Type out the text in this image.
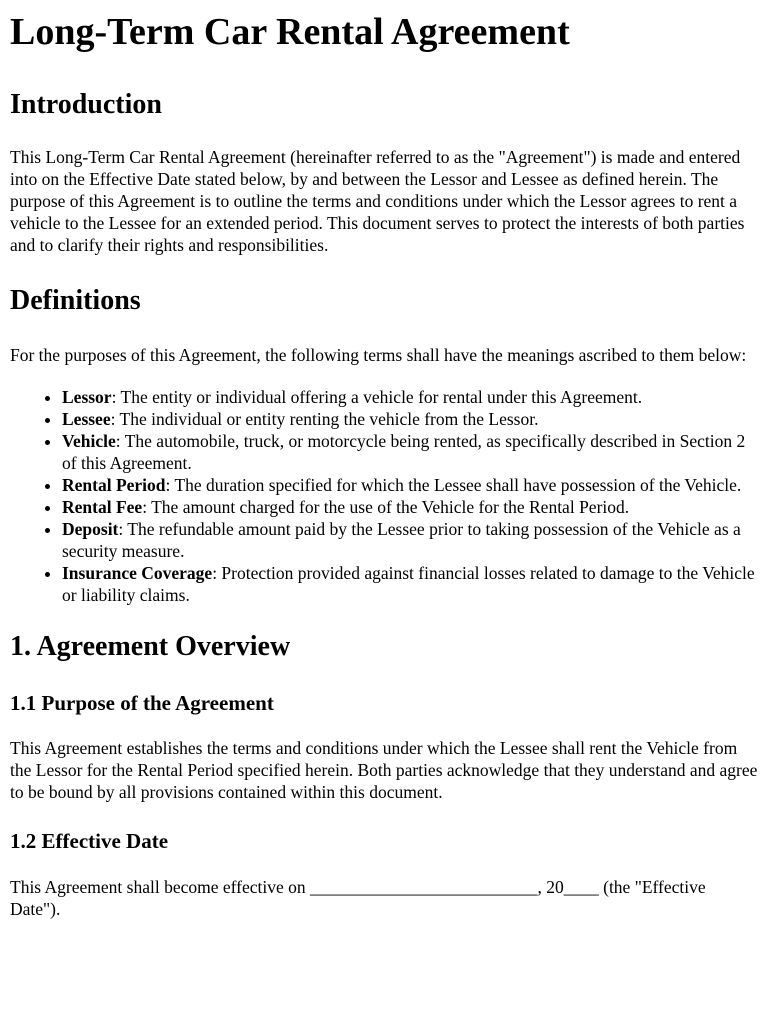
Long-Term Car Rental Agreement
Introduction

This Long-Term Car Rental Agreement (hereinafter referred to as the "Agreement") is made and entered into on the Effective Date stated below, by and between the Lessor and Lessee as defined herein. The purpose of this Agreement is to outline the terms and conditions under which the Lessor agrees to rent a vehicle to the Lessee for an extended period. This document serves to protect the interests of both parties and to clarify their rights and responsibilities.

Definitions

For the purposes of this Agreement, the following terms shall have the meanings ascribed to them below:

• Lessor: The entity or individual offering a vehicle for rental under this Agreement.
• Lessee: The individual or entity renting the vehicle from the Lessor.
• Vehicle: The automobile, truck, or motorcycle being rented, as specifically described in Section 2 of this Agreement.
• Rental Period: The duration specified for which the Lessee shall have possession of the Vehicle.
• Rental Fee: The amount charged for the use of the Vehicle for the Rental Period.
• Deposit: The refundable amount paid by the Lessee prior to taking possession of the Vehicle as a security measure.
• Insurance Coverage: Protection provided against financial losses related to damage to the Vehicle or liability claims.
1. Agreement Overview
1.1 Purpose of the Agreement

This Agreement establishes the terms and conditions under which the Lessee shall rent the Vehicle from the Lessor for the Rental Period specified herein. Both parties acknowledge that they understand and agree to be bound by all provisions contained within this document.

1.2 Effective Date

This Agreement shall become effective on __________________________, 20____ (the "Effective Date").
